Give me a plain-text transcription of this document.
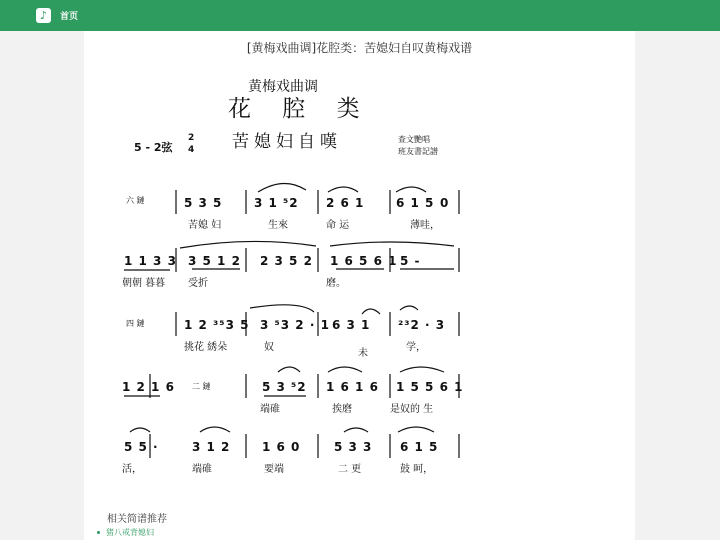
♪	首页
[黄梅戏曲调]花腔类：苦媳妇自叹黄梅戏谱
黄梅戏曲调
花 腔 类
苦媳妇自嘆
5 - 2弦
2
4
查文艷唱
班友書記譜
六 鏈	5 3 5	3 1 ⁵2 2 6 1	6 1 5 0
苦媳 妇	生來	命 运	薄哇，
1 1 3 3 3 5 1 2 2 3 5 2 1 6 5 6 1 5 -
朝朝 暮暮 受折	磨。
四 鏈	1 2 ³⁵3 5 3 ⁵3 2 · 1 6 3 1 ²³2 · 3
挑花 綉朵	奴
未
学，
1 2 1 6 二 鏈	5 3 ⁵2 1 6 1 6 1 5 5 6 1
端碓	挨磨	是奴的 生
5 5 ·	3 1 2	1 6 0	5 3 3 6 1 5
活，	端碓	要端	二 更	鼓 呵，
相关简谱推荐
猪八戒背媳妇
